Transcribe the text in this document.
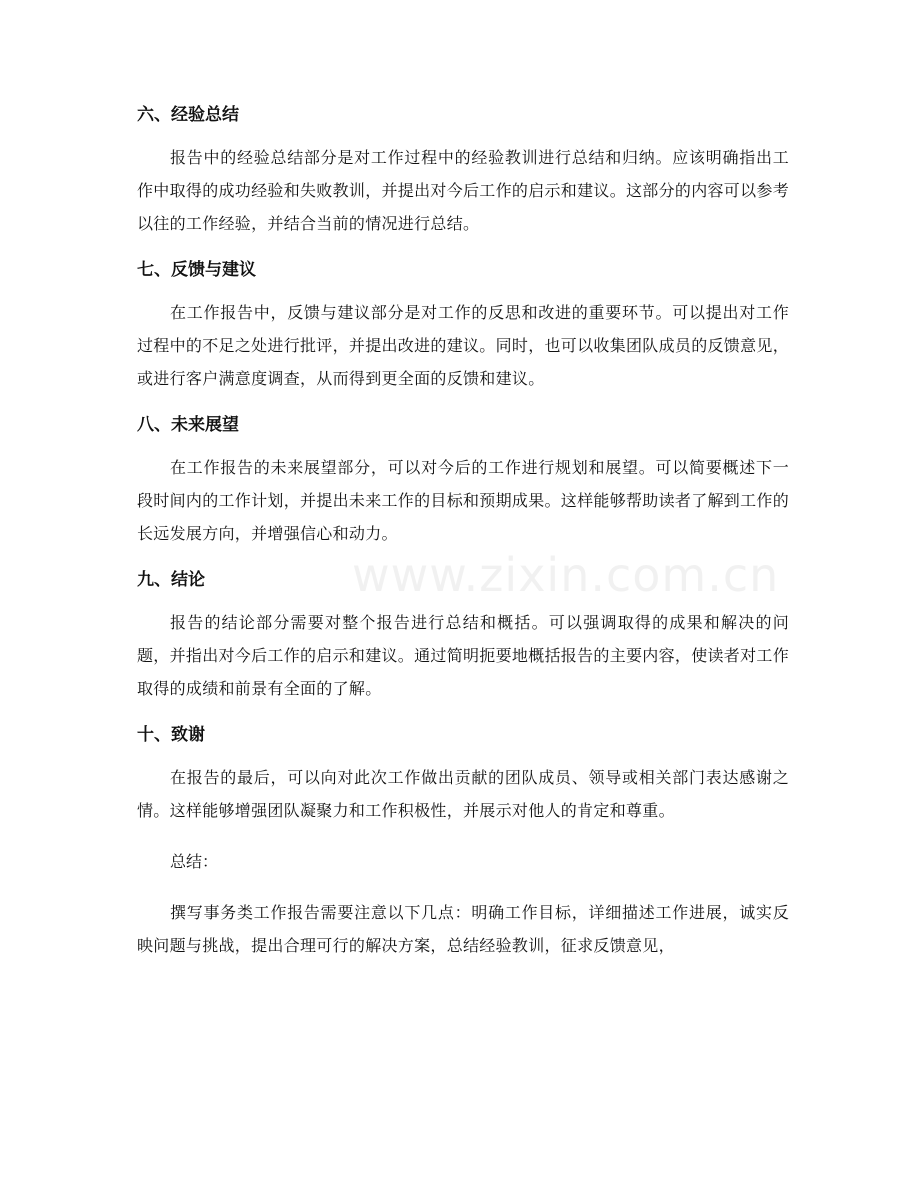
六、经验总结

报告中的经验总结部分是对工作过程中的经验教训进行总结和归纳。应该明确指出工作中取得的成功经验和失败教训，并提出对今后工作的启示和建议。这部分的内容可以参考以往的工作经验，并结合当前的情况进行总结。

七、反馈与建议

在工作报告中，反馈与建议部分是对工作的反思和改进的重要环节。可以提出对工作过程中的不足之处进行批评，并提出改进的建议。同时，也可以收集团队成员的反馈意见，或进行客户满意度调查，从而得到更全面的反馈和建议。

八、未来展望

在工作报告的未来展望部分，可以对今后的工作进行规划和展望。可以简要概述下一段时间内的工作计划，并提出未来工作的目标和预期成果。这样能够帮助读者了解到工作的长远发展方向，并增强信心和动力。

九、结论

报告的结论部分需要对整个报告进行总结和概括。可以强调取得的成果和解决的问题，并指出对今后工作的启示和建议。通过简明扼要地概括报告的主要内容，使读者对工作取得的成绩和前景有全面的了解。

十、致谢

在报告的最后，可以向对此次工作做出贡献的团队成员、领导或相关部门表达感谢之情。这样能够增强团队凝聚力和工作积极性，并展示对他人的肯定和尊重。

总结：

撰写事务类工作报告需要注意以下几点：明确工作目标，详细描述工作进展，诚实反映问题与挑战，提出合理可行的解决方案，总结经验教训，征求反馈意见，

www.zixin.com.cn
